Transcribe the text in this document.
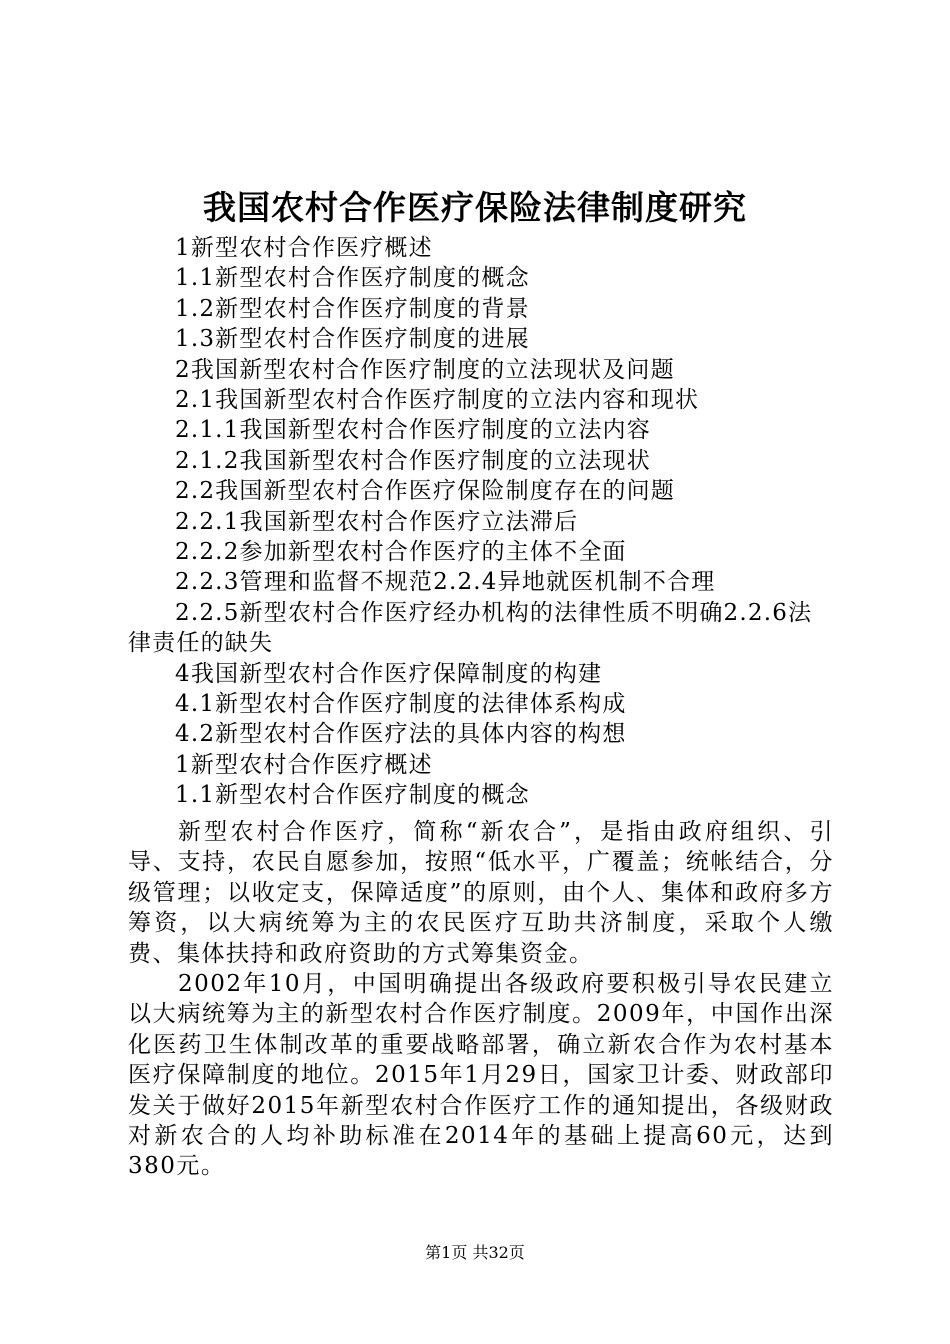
我国农村合作医疗保险法律制度研究
1新型农村合作医疗概述
1.1新型农村合作医疗制度的概念
1.2新型农村合作医疗制度的背景
1.3新型农村合作医疗制度的进展
2我国新型农村合作医疗制度的立法现状及问题
2.1我国新型农村合作医疗制度的立法内容和现状
2.1.1我国新型农村合作医疗制度的立法内容
2.1.2我国新型农村合作医疗制度的立法现状
2.2我国新型农村合作医疗保险制度存在的问题
2.2.1我国新型农村合作医疗立法滞后
2.2.2参加新型农村合作医疗的主体不全面
2.2.3管理和监督不规范2.2.4异地就医机制不合理
2.2.5新型农村合作医疗经办机构的法律性质不明确2.2.6法律责任的缺失
4我国新型农村合作医疗保障制度的构建
4.1新型农村合作医疗制度的法律体系构成
4.2新型农村合作医疗法的具体内容的构想
1新型农村合作医疗概述
1.1新型农村合作医疗制度的概念

新型农村合作医疗，简称“新农合”，是指由政府组织、引导、支持，农民自愿参加，按照“低水平，广覆盖；统帐结合，分级管理；以收定支，保障适度”的原则，由个人、集体和政府多方筹资，以大病统筹为主的农民医疗互助共济制度，采取个人缴费、集体扶持和政府资助的方式筹集资金。

2002年10月，中国明确提出各级政府要积极引导农民建立以大病统筹为主的新型农村合作医疗制度。2009年，中国作出深化医药卫生体制改革的重要战略部署，确立新农合作为农村基本医疗保障制度的地位。2015年1月29日，国家卫计委、财政部印发关于做好2015年新型农村合作医疗工作的通知提出，各级财政对新农合的人均补助标准在2014年的基础上提高60元，达到380元。

第1页 共32页
